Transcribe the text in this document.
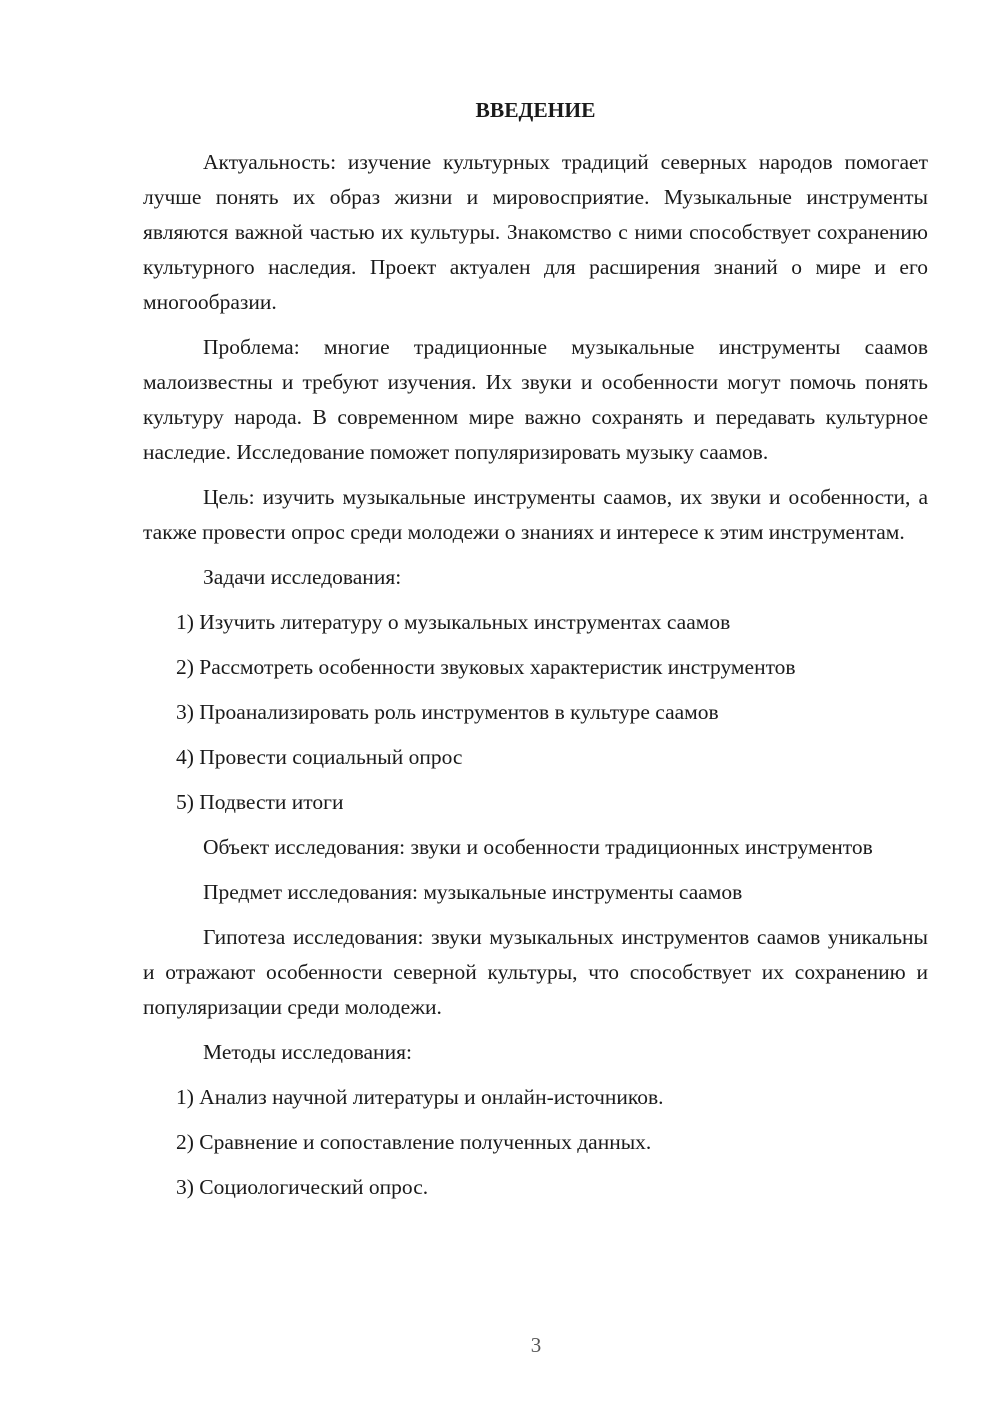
ВВЕДЕНИЕ

Актуальность: изучение культурных традиций северных народов помогает лучше понять их образ жизни и мировосприятие. Музыкальные инструменты являются важной частью их культуры. Знакомство с ними способствует сохранению культурного наследия. Проект актуален для расширения знаний о мире и его многообразии.

Проблема: многие традиционные музыкальные инструменты саамов малоизвестны и требуют изучения. Их звуки и особенности могут помочь понять культуру народа. В современном мире важно сохранять и передавать культурное наследие. Исследование поможет популяризировать музыку саамов.

Цель: изучить музыкальные инструменты саамов, их звуки и особенности, а также провести опрос среди молодежи о знаниях и интересе к этим инструментам.

Задачи исследования:

1) Изучить литературу о музыкальных инструментах саамов

2) Рассмотреть особенности звуковых характеристик инструментов

3) Проанализировать роль инструментов в культуре саамов

4) Провести социальный опрос

5) Подвести итоги

Объект исследования: звуки и особенности традиционных инструментов

Предмет исследования: музыкальные инструменты саамов

Гипотеза исследования: звуки музыкальных инструментов саамов уникальны и отражают особенности северной культуры, что способствует их сохранению и популяризации среди молодежи.

Методы исследования:

1) Анализ научной литературы и онлайн-источников.

2) Сравнение и сопоставление полученных данных.

3) Социологический опрос.

3
